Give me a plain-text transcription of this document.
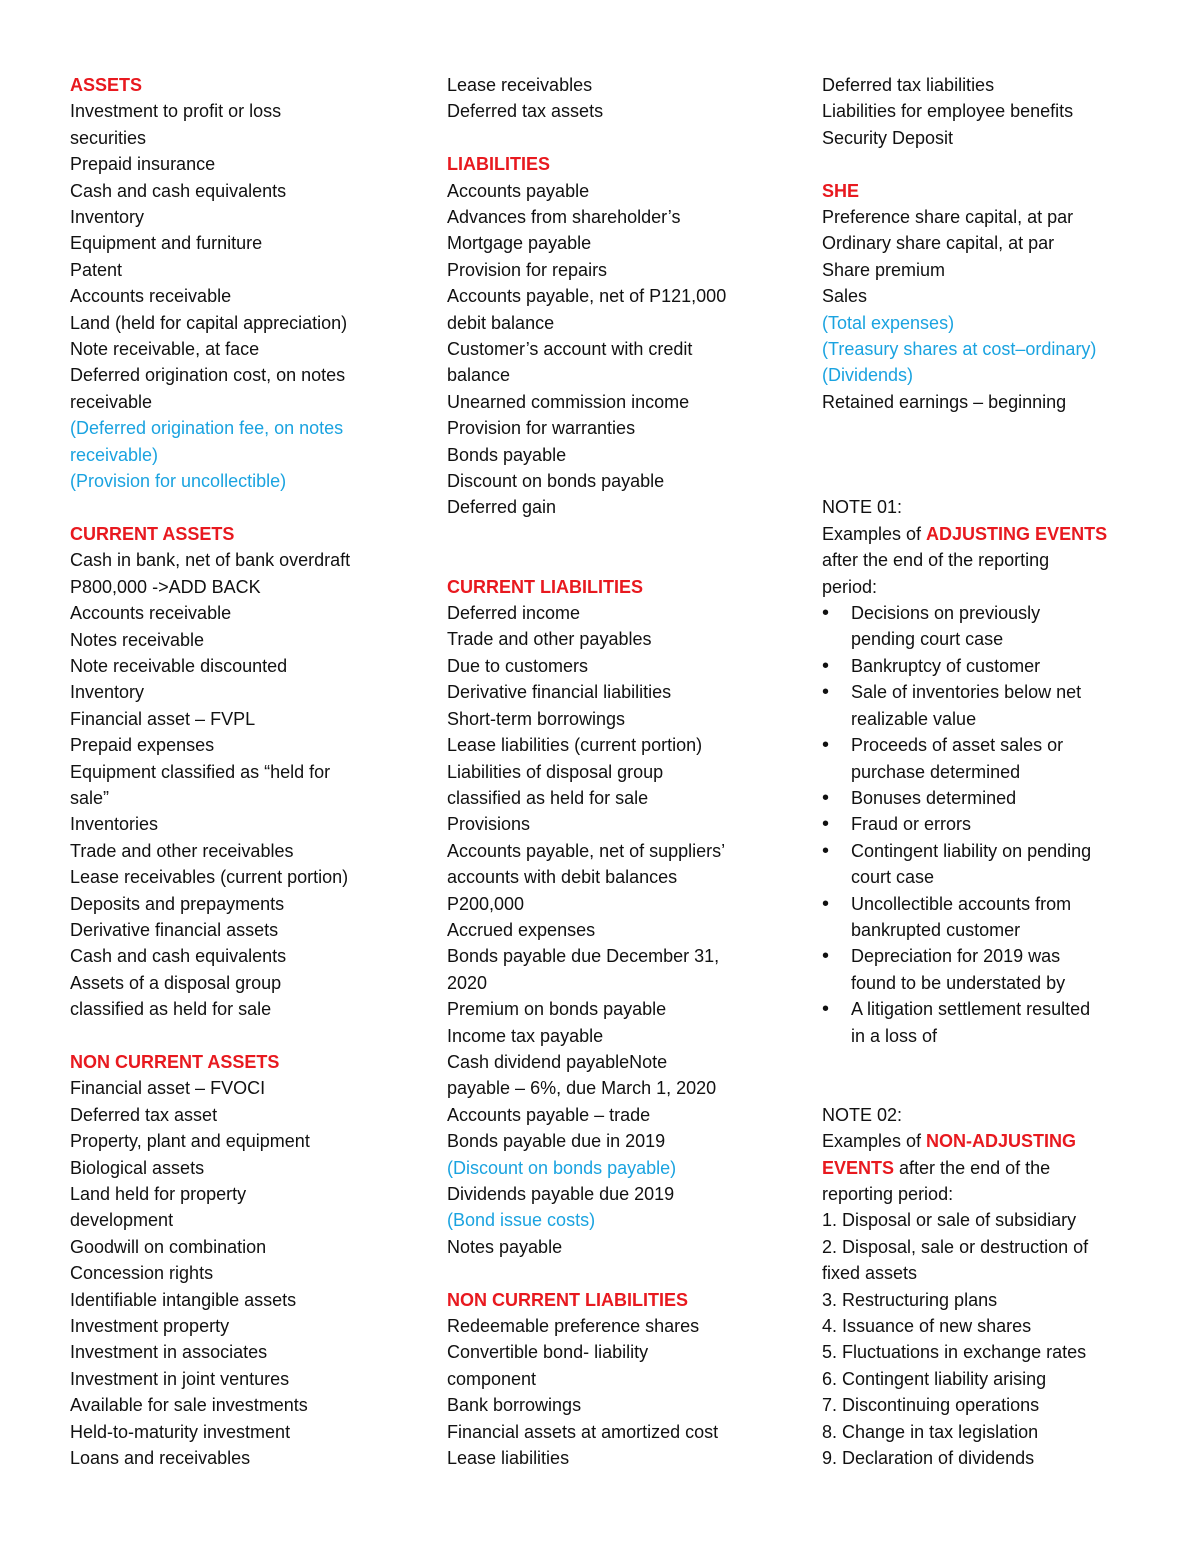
ASSETS
Investment to profit or loss
securities
Prepaid insurance
Cash and cash equivalents
Inventory
Equipment and furniture
Patent
Accounts receivable
Land (held for capital appreciation)
Note receivable, at face
Deferred origination cost, on notes
receivable
(Deferred origination fee, on notes
receivable)
(Provision for uncollectible)
CURRENT ASSETS
Cash in bank, net of bank overdraft
P800,000 ->ADD BACK
Accounts receivable
Notes receivable
Note receivable discounted
Inventory
Financial asset – FVPL
Prepaid expenses
Equipment classified as “held for
sale”
Inventories
Trade and other receivables
Lease receivables (current portion)
Deposits and prepayments
Derivative financial assets
Cash and cash equivalents
Assets of a disposal group
classified as held for sale
NON CURRENT ASSETS
Financial asset – FVOCI
Deferred tax asset
Property, plant and equipment
Biological assets
Land held for property
development
Goodwill on combination
Concession rights
Identifiable intangible assets
Investment property
Investment in associates
Investment in joint ventures
Available for sale investments
Held-to-maturity investment
Loans and receivables
Lease receivables
Deferred tax assets
LIABILITIES
Accounts payable
Advances from shareholder’s
Mortgage payable
Provision for repairs
Accounts payable, net of P121,000
debit balance
Customer’s account with credit
balance
Unearned commission income
Provision for warranties
Bonds payable
Discount on bonds payable
Deferred gain
CURRENT LIABILITIES
Deferred income
Trade and other payables
Due to customers
Derivative financial liabilities
Short-term borrowings
Lease liabilities (current portion)
Liabilities of disposal group
classified as held for sale
Provisions
Accounts payable, net of suppliers’
accounts with debit balances
P200,000
Accrued expenses
Bonds payable due December 31,
2020
Premium on bonds payable
Income tax payable
Cash dividend payableNote
payable – 6%, due March 1, 2020
Accounts payable – trade
Bonds payable due in 2019
(Discount on bonds payable)
Dividends payable due 2019
(Bond issue costs)
Notes payable
NON CURRENT LIABILITIES
Redeemable preference shares
Convertible bond- liability
component
Bank borrowings
Financial assets at amortized cost
Lease liabilities
Deferred tax liabilities
Liabilities for employee benefits
Security Deposit
SHE
Preference share capital, at par
Ordinary share capital, at par
Share premium
Sales
(Total expenses)
(Treasury shares at cost–ordinary)
(Dividends)
Retained earnings – beginning
NOTE 01:
Examples of ADJUSTING EVENTS
after the end of the reporting
period:
• Decisions on previously
pending court case
• Bankruptcy of customer
• Sale of inventories below net
realizable value
• Proceeds of asset sales or
purchase determined
• Bonuses determined
• Fraud or errors
• Contingent liability on pending
court case
• Uncollectible accounts from
bankrupted customer
• Depreciation for 2019 was
found to be understated by
• A litigation settlement resulted
in a loss of
NOTE 02:
Examples of NON-ADJUSTING
EVENTS after the end of the
reporting period:
1. Disposal or sale of subsidiary
2. Disposal, sale or destruction of
fixed assets
3. Restructuring plans
4. Issuance of new shares
5. Fluctuations in exchange rates
6. Contingent liability arising
7. Discontinuing operations
8. Change in tax legislation
9. Declaration of dividends
